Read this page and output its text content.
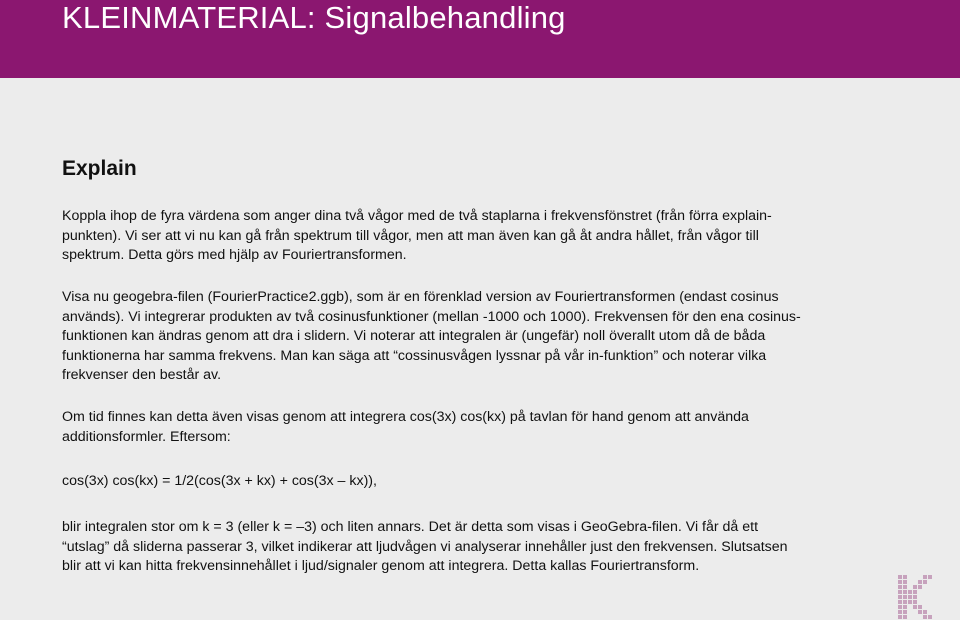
KLEINMATERIAL: Signalbehandling
Explain
Koppla ihop de fyra värdena som anger dina två vågor med de två staplarna i frekvensfönstret (från förra explain-
punkten). Vi ser att vi nu kan gå från spektrum till vågor, men att man även kan gå åt andra hållet, från vågor till
spektrum. Detta görs med hjälp av Fouriertransformen.
Visa nu geogebra-filen (FourierPractice2.ggb), som är en förenklad version av Fouriertransformen (endast cosinus
används). Vi integrerar produkten av två cosinusfunktioner (mellan -1000 och 1000). Frekvensen för den ena cosinus-
funktionen kan ändras genom att dra i slidern. Vi noterar att integralen är (ungefär) noll överallt utom då de båda
funktionerna har samma frekvens. Man kan säga att “cossinusvågen lyssnar på vår in-funktion” och noterar vilka
frekvenser den består av.
Om tid finnes kan detta även visas genom att integrera cos(3x) cos(kx) på tavlan för hand genom att använda
additionsformler. Eftersom:
cos(3x) cos(kx) = 1/2(cos(3x + kx) + cos(3x – kx)),
blir integralen stor om k = 3 (eller k = –3) och liten annars. Det är detta som visas i GeoGebra-filen. Vi får då ett
“utslag” då sliderna passerar 3, vilket indikerar att ljudvågen vi analyserar innehåller just den frekvensen. Slutsatsen
blir att vi kan hitta frekvensinnehållet i ljud/signaler genom att integrera. Detta kallas Fouriertransform.
